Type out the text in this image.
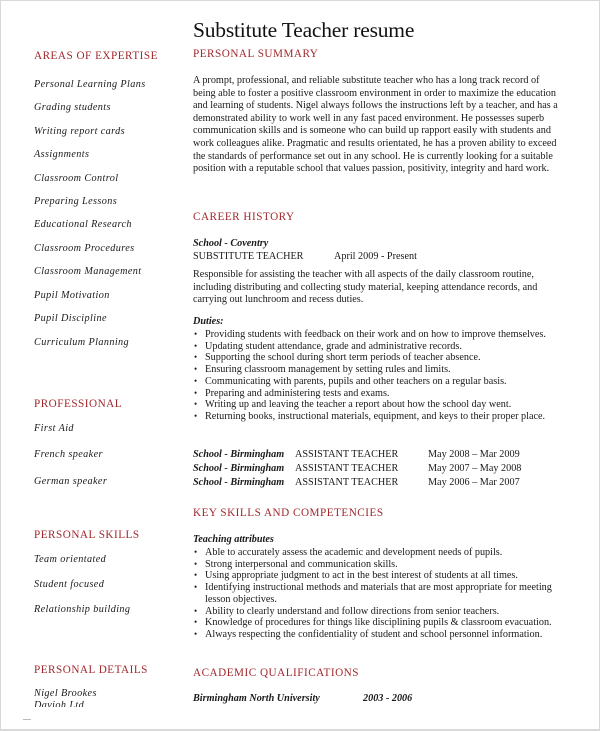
Substitute Teacher resume
AREAS OF EXPERTISE
Personal Learning Plans
Grading students
Writing report cards
Assignments
Classroom Control
Preparing Lessons
Educational Research
Classroom Procedures
Classroom Management
Pupil Motivation
Pupil Discipline
Curriculum Planning
PROFESSIONAL
First Aid
French speaker
German speaker
PERSONAL SKILLS
Team orientated
Student focused
Relationship building
PERSONAL DETAILS
Nigel Brookes
Davioh Ltd
PERSONAL SUMMARY
A prompt, professional, and reliable substitute teacher who has a long track record of being able to foster a positive classroom environment in order to maximize the education and learning of students. Nigel always follows the instructions left by a teacher, and has a demonstrated ability to work well in any fast paced environment. He possesses superb communication skills and is someone who can build up rapport easily with students and work colleagues alike. Pragmatic and results orientated, he has a proven ability to exceed the standards of performance set out in any school. He is currently looking for a suitable position with a reputable school that values passion, positivity, integrity and hard work.
CAREER HISTORY
School - Coventry
SUBSTITUTE TEACHER	April 2009 - Present
Responsible for assisting the teacher with all aspects of the daily classroom routine, including distributing and collecting study material, keeping attendance records, and carrying out lunchroom and recess duties.
Duties:
• Providing students with feedback on their work and on how to improve themselves.
• Updating student attendance, grade and administrative records.
• Supporting the school during short term periods of teacher absence.
• Ensuring classroom management by setting rules and limits.
• Communicating with parents, pupils and other teachers on a regular basis.
• Preparing and administering tests and exams.
• Writing up and leaving the teacher a report about how the school day went.
• Returning books, instructional materials, equipment, and keys to their proper place.
School - Birmingham ASSISTANT TEACHER	May 2008 – Mar 2009
School - Birmingham ASSISTANT TEACHER	May 2007 – May 2008
School - Birmingham ASSISTANT TEACHER	May 2006 – Mar 2007
KEY SKILLS AND COMPETENCIES
Teaching attributes
• Able to accurately assess the academic and development needs of pupils.
• Strong interpersonal and communication skills.
• Using appropriate judgment to act in the best interest of students at all times.
• Identifying instructional methods and materials that are most appropriate for meeting lesson objectives.
• Ability to clearly understand and follow directions from senior teachers.
• Knowledge of procedures for things like disciplining pupils & classroom evacuation.
• Always respecting the confidentiality of student and school personnel information.
ACADEMIC QUALIFICATIONS
Birmingham North University	2003 - 2006
